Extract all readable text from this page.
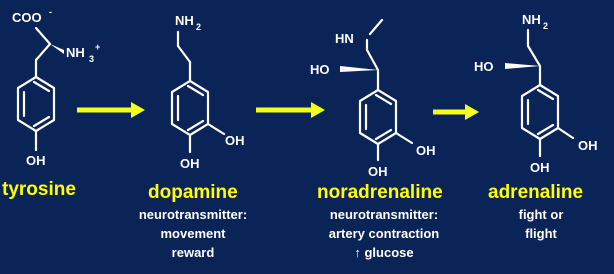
COO -
NH 3
+
OH
tyrosine
NH 2
OH
OH
dopamine
neurotransmitter:
movement
reward
HN
HO
OH
OH
noradrenaline
neurotransmitter:
artery contraction
↑ glucose
NH 2
HO
OH
OH
adrenaline
fight or
flight
